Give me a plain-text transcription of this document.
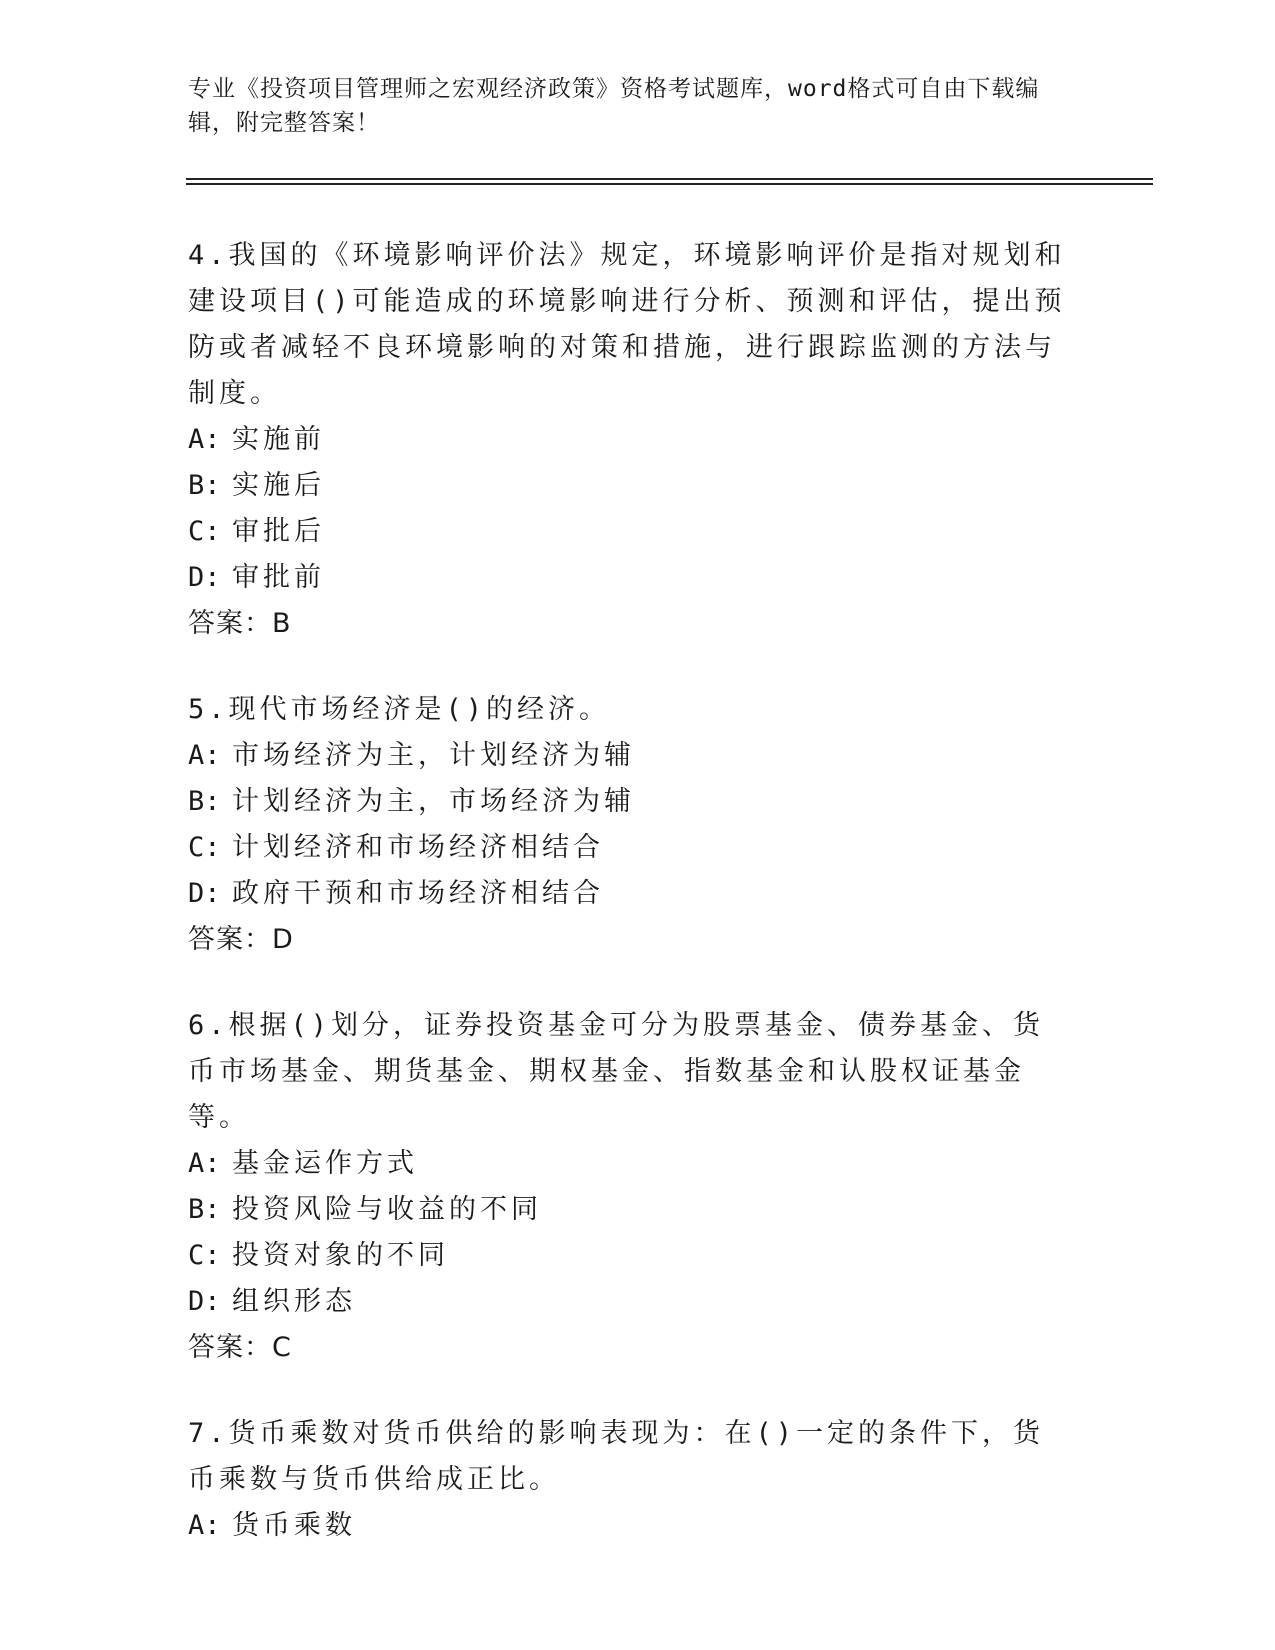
专业《投资项目管理师之宏观经济政策》资格考试题库，word格式可自由下载编辑，附完整答案！
4.我国的《环境影响评价法》规定，环境影响评价是指对规划和建设项目()可能造成的环境影响进行分析、预测和评估，提出预防或者减轻不良环境影响的对策和措施，进行跟踪监测的方法与制度。
A: 实施前
B: 实施后
C: 审批后
D: 审批前
答案：B
5.现代市场经济是()的经济。
A: 市场经济为主，计划经济为辅
B: 计划经济为主，市场经济为辅
C: 计划经济和市场经济相结合
D: 政府干预和市场经济相结合
答案：D
6.根据()划分，证券投资基金可分为股票基金、债券基金、货币市场基金、期货基金、期权基金、指数基金和认股权证基金等。
A: 基金运作方式
B: 投资风险与收益的不同
C: 投资对象的不同
D: 组织形态
答案：C
7.货币乘数对货币供给的影响表现为：在()一定的条件下，货币乘数与货币供给成正比。
A: 货币乘数
